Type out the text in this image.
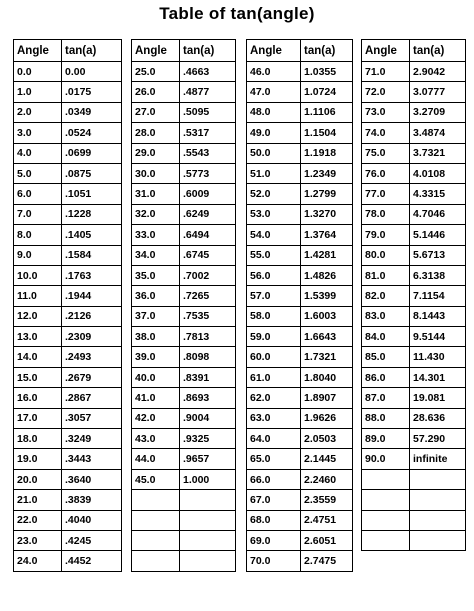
Table of tan(angle)
Angle	tan(a)
0.0	0.00
1.0	.0175
2.0	.0349
3.0	.0524
4.0	.0699
5.0	.0875
6.0	.1051
7.0	.1228
8.0	.1405
9.0	.1584
10.0	.1763
11.0	.1944
12.0	.2126
13.0	.2309
14.0	.2493
15.0	.2679
16.0	.2867
17.0	.3057
18.0	.3249
19.0	.3443
20.0	.3640
21.0	.3839
22.0	.4040
23.0	.4245
24.0	.4452
Angle	tan(a)
25.0	.4663
26.0	.4877
27.0	.5095
28.0	.5317
29.0	.5543
30.0	.5773
31.0	.6009
32.0	.6249
33.0	.6494
34.0	.6745
35.0	.7002
36.0	.7265
37.0	.7535
38.0	.7813
39.0	.8098
40.0	.8391
41.0	.8693
42.0	.9004
43.0	.9325
44.0	.9657
45.0	1.000

Angle	tan(a)
46.0	1.0355
47.0	1.0724
48.0	1.1106
49.0	1.1504
50.0	1.1918
51.0	1.2349
52.0	1.2799
53.0	1.3270
54.0	1.3764
55.0	1.4281
56.0	1.4826
57.0	1.5399
58.0	1.6003
59.0	1.6643
60.0	1.7321
61.0	1.8040
62.0	1.8907
63.0	1.9626
64.0	2.0503
65.0	2.1445
66.0	2.2460
67.0	2.3559
68.0	2.4751
69.0	2.6051
70.0	2.7475
Angle	tan(a)
71.0	2.9042
72.0	3.0777
73.0	3.2709
74.0	3.4874
75.0	3.7321
76.0	4.0108
77.0	4.3315
78.0	4.7046
79.0	5.1446
80.0	5.6713
81.0	6.3138
82.0	7.1154
83.0	8.1443
84.0	9.5144
85.0	11.430
86.0	14.301
87.0	19.081
88.0	28.636
89.0	57.290
90.0	infinite
